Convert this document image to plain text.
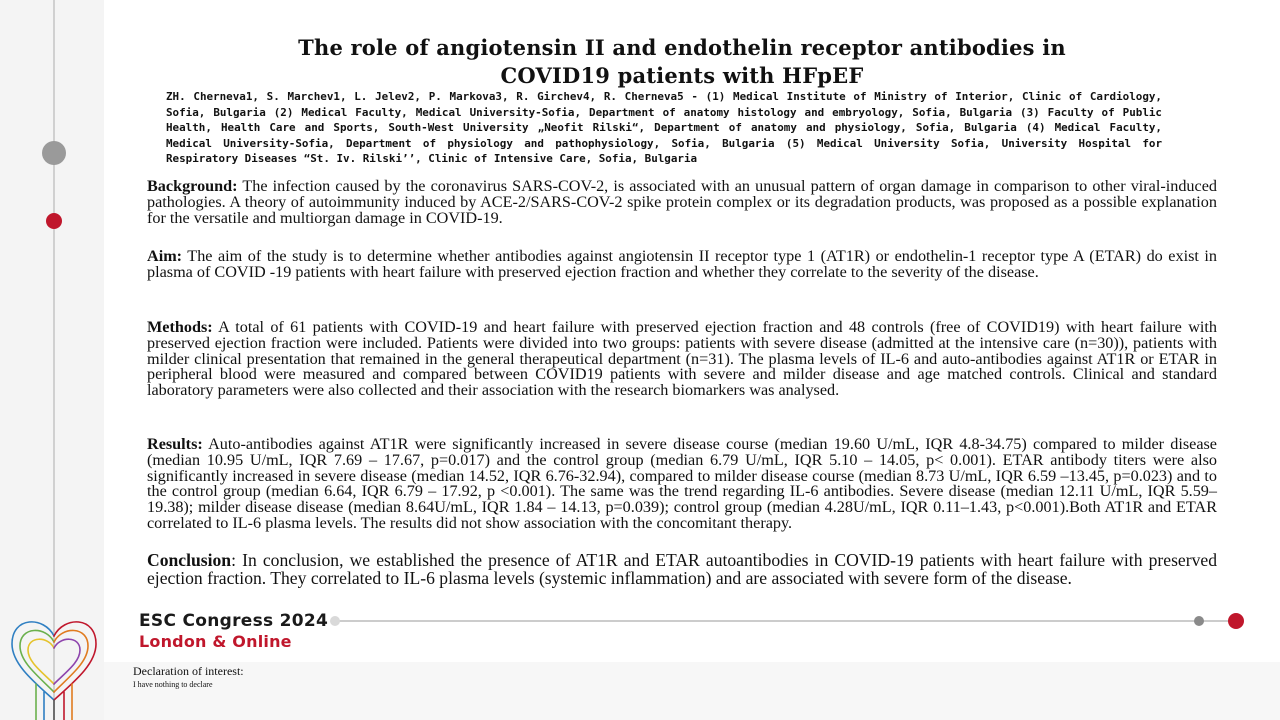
The role of angiotensin II and endothelin receptor antibodies in
COVID19 patients with HFpEF
ZH. Cherneva1, S. Marchev1, L. Jelev2, P. Markova3, R. Girchev4, R. Cherneva5 - (1) Medical Institute of Ministry of Interior, Clinic of Cardiology, Sofia, Bulgaria (2) Medical Faculty, Medical University-Sofia, Department of anatomy histology and embryology, Sofia, Bulgaria (3) Faculty of Public Health, Health Care and Sports, South-West University „Neofit Rilski“, Department of anatomy and physiology, Sofia, Bulgaria (4) Medical Faculty, Medical University-Sofia, Department of physiology and pathophysiology, Sofia, Bulgaria (5) Medical University Sofia, University Hospital for Respiratory Diseases “St. Iv. Rilski’’, Clinic of Intensive Care, Sofia, Bulgaria
Background: The infection caused by the coronavirus SARS-COV-2, is associated with an unusual pattern of organ damage in comparison to other viral-induced pathologies. A theory of autoimmunity induced by ACE-2/SARS-COV-2 spike protein complex or its degradation products, was proposed as a possible explanation for the versatile and multiorgan damage in COVID-19.
Aim: The aim of the study is to determine whether antibodies against angiotensin II receptor type 1 (AT1R) or endothelin-1 receptor type A (ETAR) do exist in plasma of COVID -19 patients with heart failure with preserved ejection fraction and whether they correlate to the severity of the disease.
Methods: A total of 61 patients with COVID-19 and heart failure with preserved ejection fraction and 48 controls (free of COVID19) with heart failure with preserved ejection fraction were included. Patients were divided into two groups: patients with severe disease (admitted at the intensive care (n=30)), patients with milder clinical presentation that remained in the general therapeutical department (n=31). The plasma levels of IL-6 and auto-antibodies against AT1R or ETAR in peripheral blood were measured and compared between COVID19 patients with severe and milder disease and age matched controls. Clinical and standard laboratory parameters were also collected and their association with the research biomarkers was analysed.
Results: Auto-antibodies against AT1R were significantly increased in severe disease course (median 19.60 U/mL, IQR 4.8-34.75) compared to milder disease (median 10.95 U/mL, IQR 7.69 – 17.67, p=0.017) and the control group (median 6.79 U/mL, IQR 5.10 – 14.05, p< 0.001). ETAR antibody titers were also significantly increased in severe disease (median 14.52, IQR 6.76-32.94), compared to milder disease course (median 8.73 U/mL, IQR 6.59 –13.45, p=0.023) and to the control group (median 6.64, IQR 6.79 – 17.92, p <0.001). The same was the trend regarding IL-6 antibodies. Severe disease (median 12.11 U/mL, IQR 5.59–19.38); milder disease disease (median 8.64U/mL, IQR 1.84 – 14.13, p=0.039); control group (median 4.28U/mL, IQR 0.11–1.43, p<0.001).Both AT1R and ETAR correlated to IL-6 plasma levels. The results did not show association with the concomitant therapy.
Conclusion: In conclusion, we established the presence of AT1R and ETAR autoantibodies in COVID-19 patients with heart failure with preserved ejection fraction. They correlated to IL-6 plasma levels (systemic inflammation) and are associated with severe form of the disease.
ESC Congress 2024
London & Online
Declaration of interest:
I have nothing to declare
